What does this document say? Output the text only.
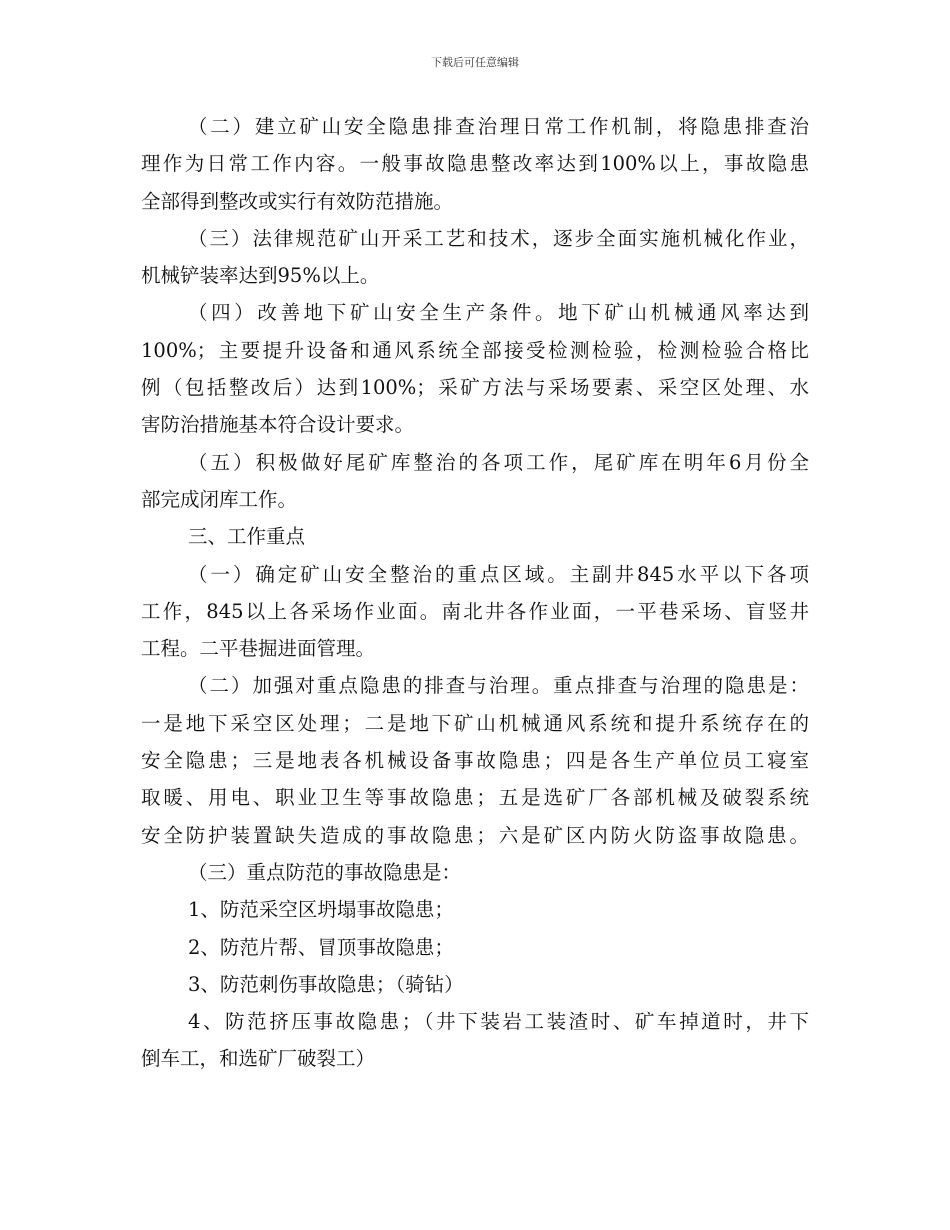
下载后可任意编辑
（二）建立矿山安全隐患排查治理日常工作机制，将隐患排查治
理作为日常工作内容。一般事故隐患整改率达到100%以上，事故隐患
全部得到整改或实行有效防范措施。
（三）法律规范矿山开采工艺和技术，逐步全面实施机械化作业，
机械铲装率达到95%以上。
（四）改善地下矿山安全生产条件。地下矿山机械通风率达到
100%；主要提升设备和通风系统全部接受检测检验，检测检验合格比
例（包括整改后）达到100%；采矿方法与采场要素、采空区处理、水
害防治措施基本符合设计要求。
（五）积极做好尾矿库整治的各项工作，尾矿库在明年6月份全
部完成闭库工作。
三、工作重点
（一）确定矿山安全整治的重点区域。主副井845水平以下各项
工作，845以上各采场作业面。南北井各作业面，一平巷采场、盲竖井
工程。二平巷掘进面管理。
（二）加强对重点隐患的排查与治理。重点排查与治理的隐患是：
一是地下采空区处理；二是地下矿山机械通风系统和提升系统存在的
安全隐患；三是地表各机械设备事故隐患；四是各生产单位员工寝室
取暖、用电、职业卫生等事故隐患；五是选矿厂各部机械及破裂系统
安全防护装置缺失造成的事故隐患；六是矿区内防火防盗事故隐患。
（三）重点防范的事故隐患是：
1、防范采空区坍塌事故隐患；
2、防范片帮、冒顶事故隐患；
3、防范刺伤事故隐患；（骑钻）
4、防范挤压事故隐患；（井下装岩工装渣时、矿车掉道时，井下
倒车工，和选矿厂破裂工）
